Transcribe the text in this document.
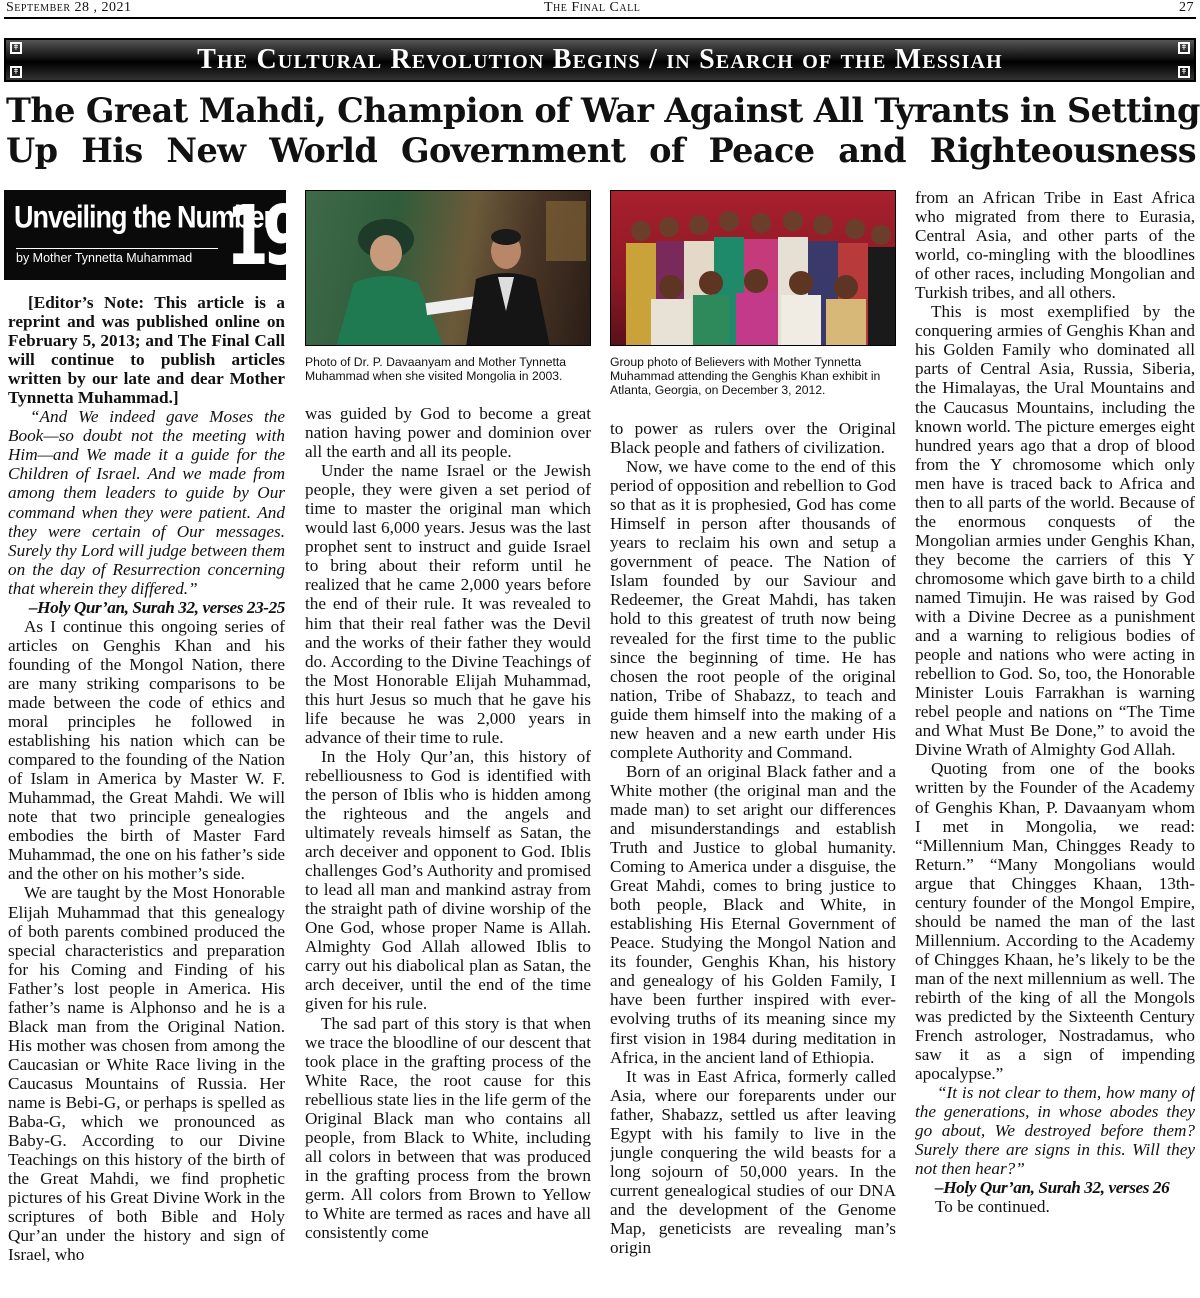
September 28 , 2021	The Final Call	27
ǂ
ǂ
ǂ
ǂ
The Cultural Revolution Begins / in Search of the Messiah
The Great Mahdi, Champion of War Against All Tyrants in Setting
Up His New World Government of Peace and Righteousness
Unveiling the Number
by Mother Tynnetta Muhammad 19
Photo of Dr. P. Davaanyam and Mother Tynnetta Muhammad when she visited Mongolia in 2003.
Group photo of Believers with Mother Tynnetta Muhammad attending the Genghis Khan exhibit in Atlanta, Georgia, on December 3, 2012.

[Editor’s Note: This article is a reprint and was published online on February 5, 2013; and The Final Call will continue to publish articles written by our late and dear Mother Tynnetta Muhammad.]

“And We indeed gave Moses the Book—so doubt not the meeting with Him—and We made it a guide for the Children of Israel. And we made from among them leaders to guide by Our command when they were patient. And they were certain of Our messages. Surely thy Lord will judge between them on the day of Resurrection concerning that wherein they differed.”

–Holy Qur’an, Surah 32, verses 23-25

As I continue this ongoing series of articles on Genghis Khan and his founding of the Mongol Nation, there are many striking comparisons to be made between the code of ethics and moral principles he followed in establishing his nation which can be compared to the founding of the Nation of Islam in America by Master W. F. Muhammad, the Great Mahdi. We will note that two principle genealogies embodies the birth of Master Fard Muhammad, the one on his father’s side and the other on his mother’s side.

We are taught by the Most Honorable Elijah Muhammad that this genealogy of both parents combined produced the special characteristics and preparation for his Coming and Finding of his Father’s lost people in America. His father’s name is Alphonso and he is a Black man from the Original Nation. His mother was chosen from among the Caucasian or White Race living in the Caucasus Mountains of Russia. Her name is Bebi-G, or perhaps is spelled as Baba-G, which we pronounced as Baby-G. According to our Divine Teachings on this history of the birth of the Great Mahdi, we find prophetic pictures of his Great Divine Work in the scriptures of both Bible and Holy Qur’an under the history and sign of Israel, who

was guided by God to become a great nation having power and dominion over all the earth and all its people.

Under the name Israel or the Jewish people, they were given a set period of time to master the original man which would last 6,000 years. Jesus was the last prophet sent to instruct and guide Israel to bring about their reform until he realized that he came 2,000 years before the end of their rule. It was revealed to him that their real father was the Devil and the works of their father they would do. According to the Divine Teachings of the Most Honorable Elijah Muhammad, this hurt Jesus so much that he gave his life because he was 2,000 years in advance of their time to rule.

In the Holy Qur’an, this history of rebelliousness to God is identified with the person of Iblis who is hidden among the righteous and the angels and ultimately reveals himself as Satan, the arch deceiver and opponent to God. Iblis challenges God’s Authority and promised to lead all man and mankind astray from the straight path of divine worship of the One God, whose proper Name is Allah. Almighty God Allah allowed Iblis to carry out his diabolical plan as Satan, the arch deceiver, until the end of the time given for his rule.

The sad part of this story is that when we trace the bloodline of our descent that took place in the grafting process of the White Race, the root cause for this rebellious state lies in the life germ of the Original Black man who contains all people, from Black to White, including all colors in between that was produced in the grafting process from the brown germ. All colors from Brown to Yellow to White are termed as races and have all consistently come

to power as rulers over the Original Black people and fathers of civilization.

Now, we have come to the end of this period of opposition and rebellion to God so that as it is prophesied, God has come Himself in person after thousands of years to reclaim his own and setup a government of peace. The Nation of Islam founded by our Saviour and Redeemer, the Great Mahdi, has taken hold to this greatest of truth now being revealed for the first time to the public since the beginning of time. He has chosen the root people of the original nation, Tribe of Shabazz, to teach and guide them himself into the making of a new heaven and a new earth under His complete Authority and Command.

Born of an original Black father and a White mother (the original man and the made man) to set aright our differences and misunderstandings and establish Truth and Justice to global humanity. Coming to America under a disguise, the Great Mahdi, comes to bring justice to both people, Black and White, in establishing His Eternal Government of Peace. Studying the Mongol Nation and its founder, Genghis Khan, his history and genealogy of his Golden Family, I have been further inspired with ever-evolving truths of its meaning since my first vision in 1984 during meditation in Africa, in the ancient land of Ethiopia.

It was in East Africa, formerly called Asia, where our foreparents under our father, Shabazz, settled us after leaving Egypt with his family to live in the jungle conquering the wild beasts for a long sojourn of 50,000 years. In the current genealogical studies of our DNA and the development of the Genome Map, geneticists are revealing man’s origin

from an African Tribe in East Africa who migrated from there to Eurasia, Central Asia, and other parts of the world, co-mingling with the bloodlines of other races, including Mongolian and Turkish tribes, and all others.

This is most exemplified by the conquering armies of Genghis Khan and his Golden Family who dominated all parts of Central Asia, Russia, Siberia, the Himalayas, the Ural Mountains and the Caucasus Mountains, including the known world. The picture emerges eight hundred years ago that a drop of blood from the Y chromosome which only men have is traced back to Africa and then to all parts of the world. Because of the enormous conquests of the Mongolian armies under Genghis Khan, they become the carriers of this Y chromosome which gave birth to a child named Timujin. He was raised by God with a Divine Decree as a punishment and a warning to religious bodies of people and nations who were acting in rebellion to God. So, too, the Honorable Minister Louis Farrakhan is warning rebel people and nations on “The Time and What Must Be Done,” to avoid the Divine Wrath of Almighty God Allah.

Quoting from one of the books written by the Founder of the Academy of Genghis Khan, P. Davaanyam whom I met in Mongolia, we read: “Millennium Man, Chingges Ready to Return.” “Many Mongolians would argue that Chingges Khaan, 13th-century founder of the Mongol Empire, should be named the man of the last Millennium. According to the Academy of Chingges Khaan, he’s likely to be the man of the next millennium as well. The rebirth of the king of all the Mongols was predicted by the Sixteenth Century French astrologer, Nostradamus, who saw it as a sign of impending apocalypse.”

“It is not clear to them, how many of the generations, in whose abodes they go about, We destroyed before them? Surely there are signs in this. Will they not then hear?”

–Holy Qur’an, Surah 32, verses 26

To be continued.
